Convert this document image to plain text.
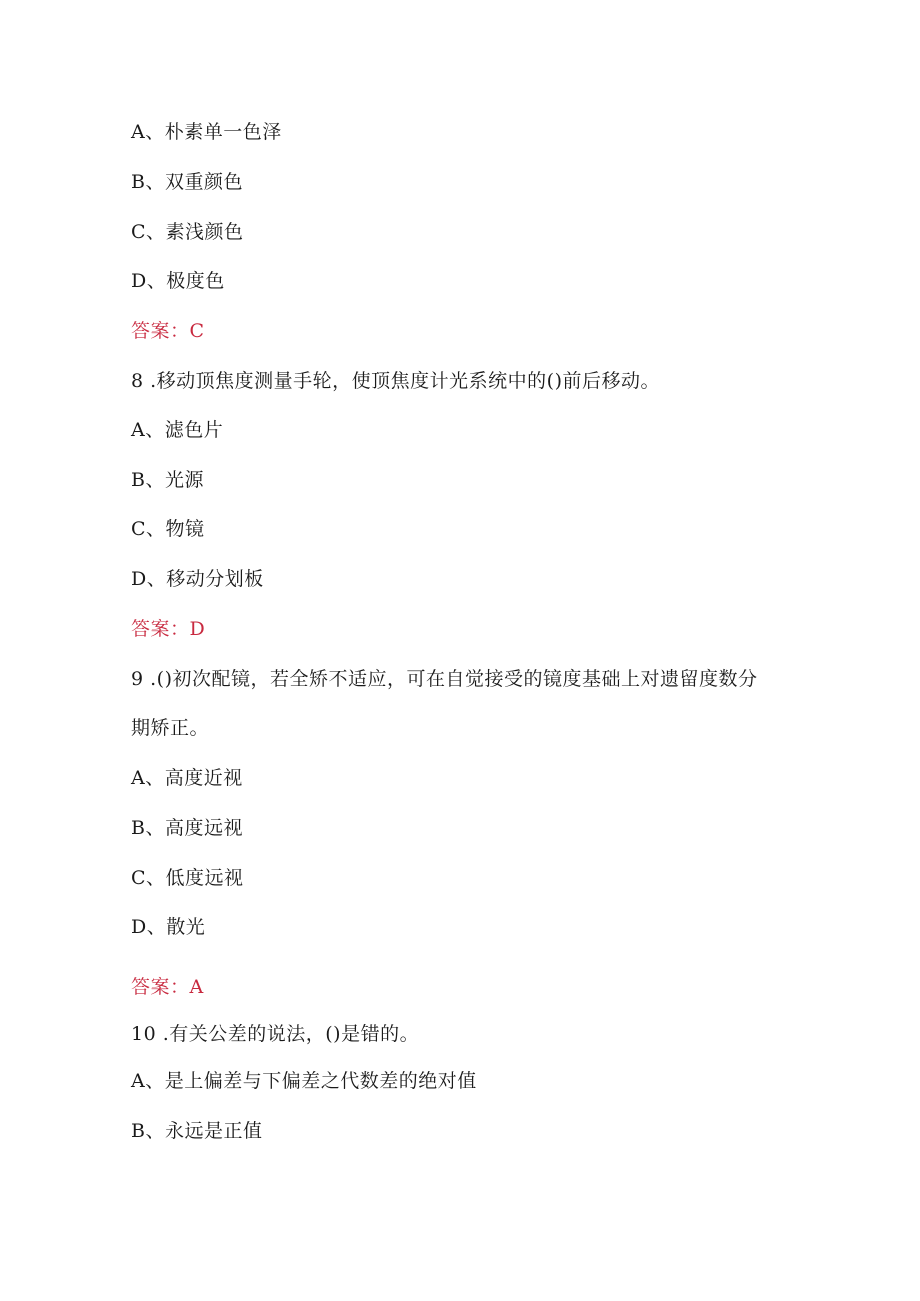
A、朴素单一色泽
B、双重颜色
C、素浅颜色
D、极度色
答案：C
8 .移动顶焦度测量手轮，使顶焦度计光系统中的()前后移动。
A、滤色片
B、光源
C、物镜
D、移动分划板
答案：D
9 .()初次配镜，若全矫不适应，可在自觉接受的镜度基础上对遗留度数分
期矫正。
A、高度近视
B、高度远视
C、低度远视
D、散光
答案：A
10 .有关公差的说法，()是错的。
A、是上偏差与下偏差之代数差的绝对值
B、永远是正值
